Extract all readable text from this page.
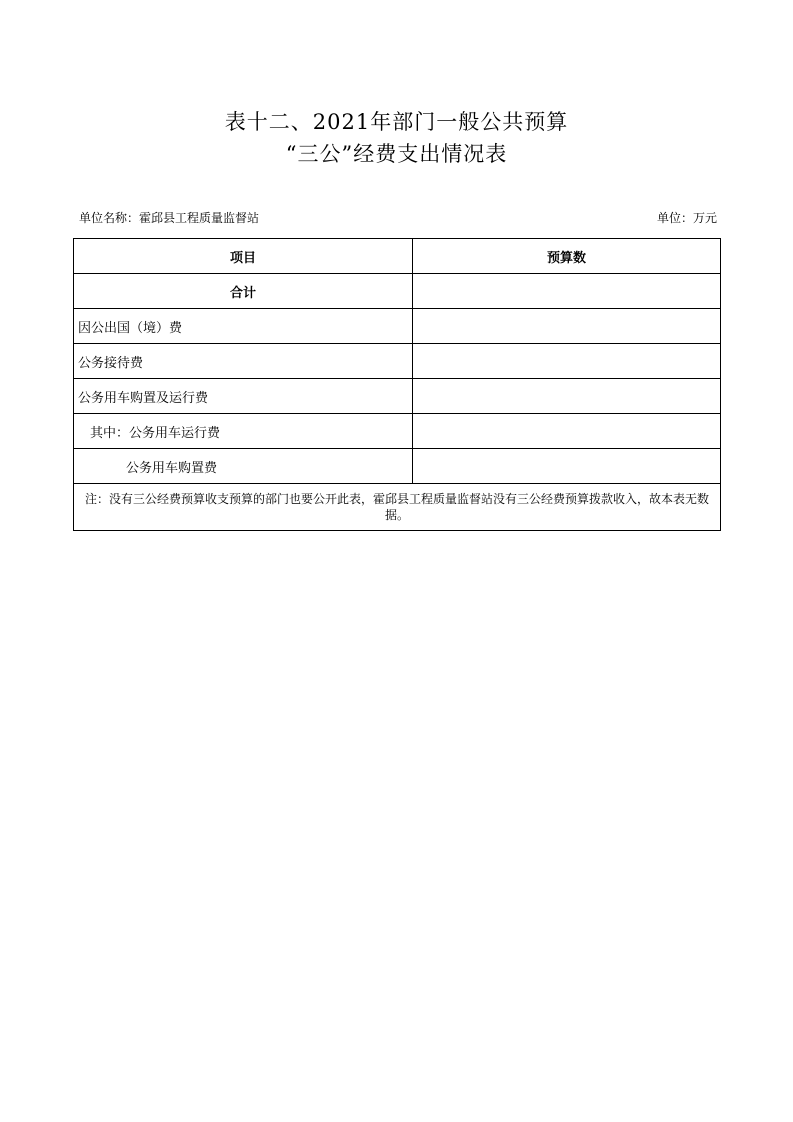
表十二、2021年部门一般公共预算
“三公”经费支出情况表
单位名称：霍邱县工程质量监督站	单位：万元
项目	预算数
合计	
因公出国（境）费	
公务接待费	
公务用车购置及运行费	
其中：公务用车运行费	
公务用车购置费	
注：没有三公经费预算收支预算的部门也要公开此表，霍邱县工程质量监督站没有三公经费预算拨款收入，故本表无数据。	
